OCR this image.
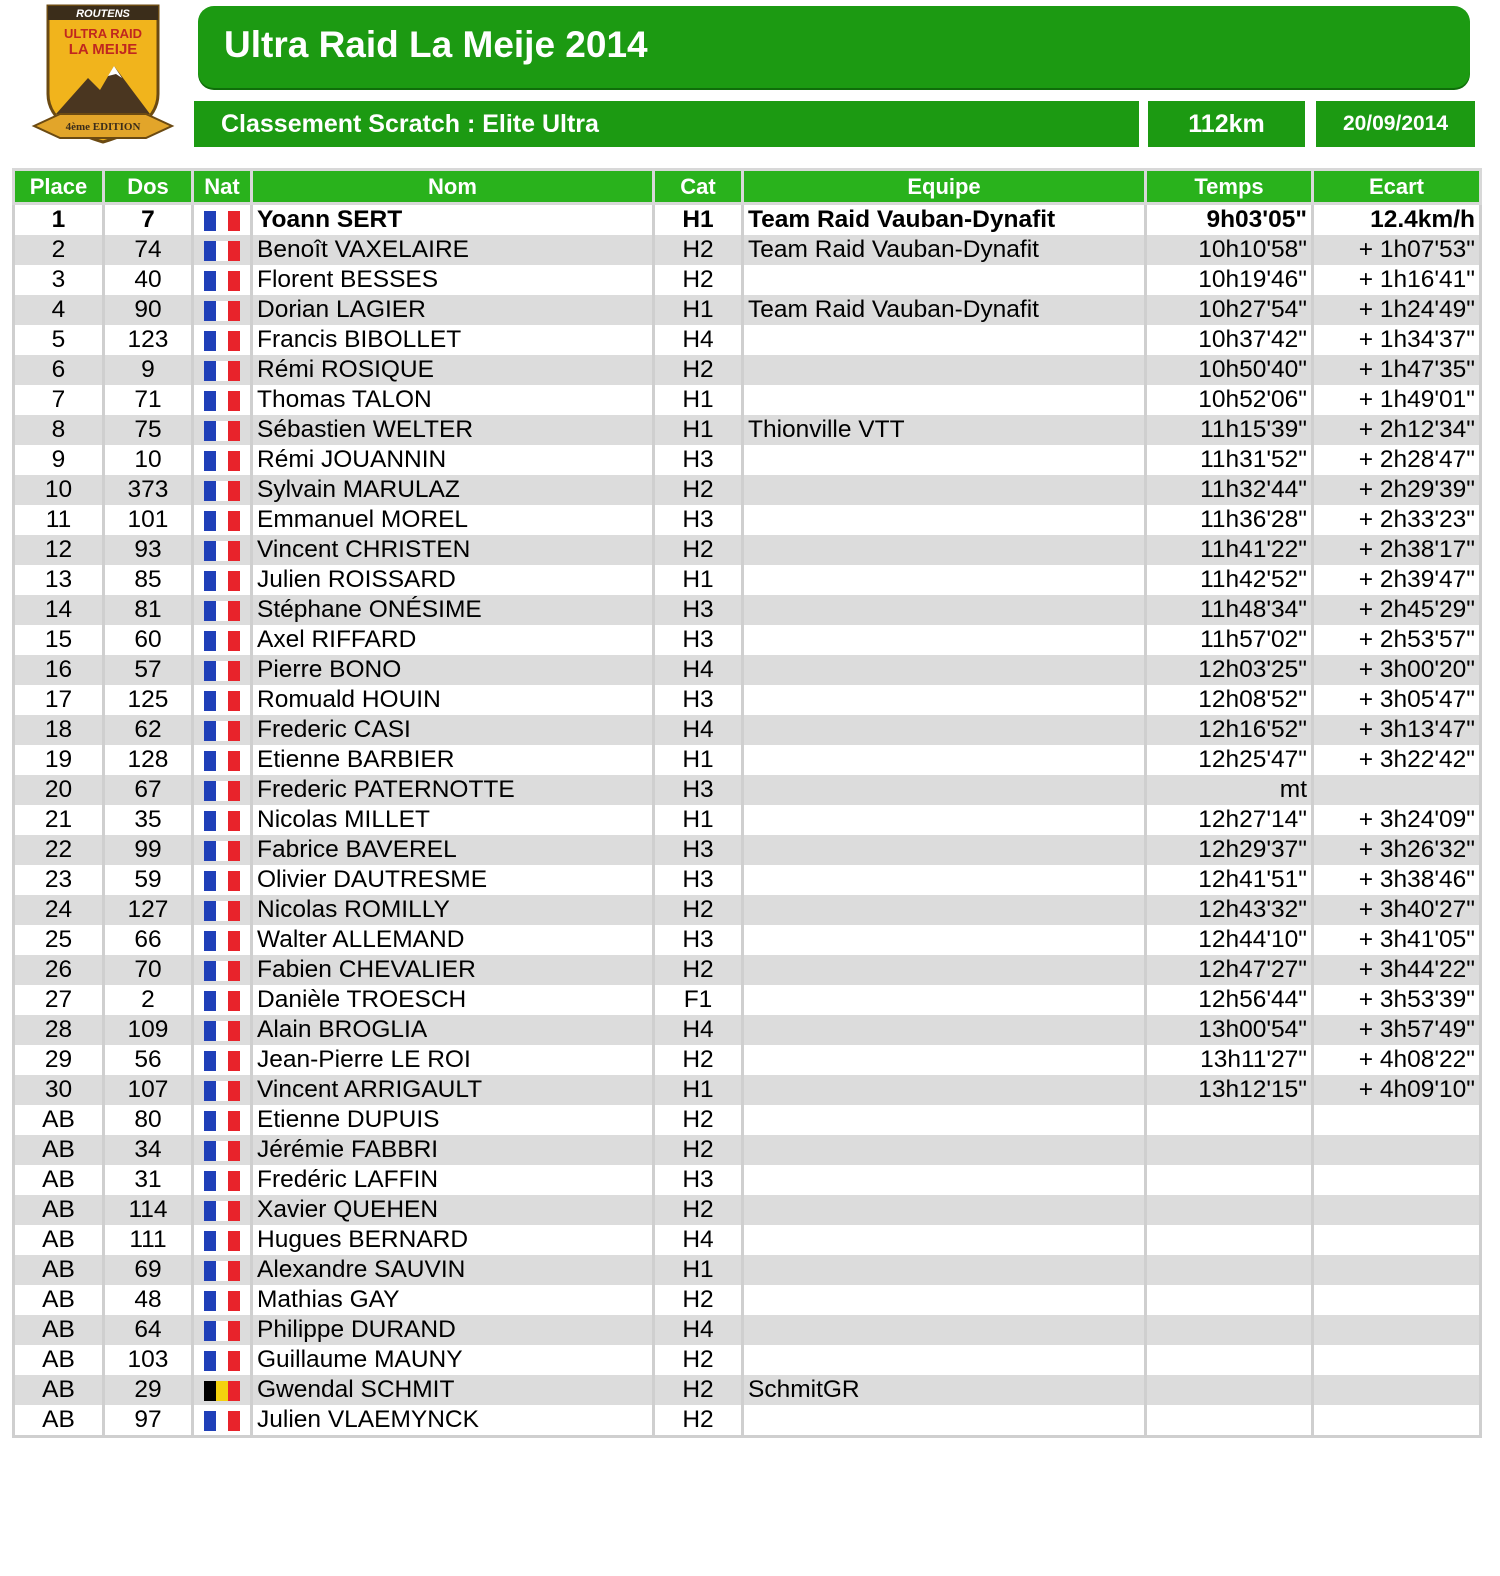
ROUTENS
ULTRA RAID
LA MEIJE
4ème EDITION
Ultra Raid La Meije 2014
Classement Scratch : Elite Ultra	112km	20/09/2014
Place	Dos	Nat	Nom	Cat	Equipe	Temps	Ecart
1	7		Yoann SERT	H1	Team Raid Vauban-Dynafit	9h03'05"	12.4km/h
2	74		Benoît VAXELAIRE	H2	Team Raid Vauban-Dynafit	10h10'58"	+ 1h07'53"
3	40		Florent BESSES	H2		10h19'46"	+ 1h16'41"
4	90		Dorian LAGIER	H1	Team Raid Vauban-Dynafit	10h27'54"	+ 1h24'49"
5	123		Francis BIBOLLET	H4		10h37'42"	+ 1h34'37"
6	9		Rémi ROSIQUE	H2		10h50'40"	+ 1h47'35"
7	71		Thomas TALON	H1		10h52'06"	+ 1h49'01"
8	75		Sébastien WELTER	H1	Thionville VTT	11h15'39"	+ 2h12'34"
9	10		Rémi JOUANNIN	H3		11h31'52"	+ 2h28'47"
10	373		Sylvain MARULAZ	H2		11h32'44"	+ 2h29'39"
11	101		Emmanuel MOREL	H3		11h36'28"	+ 2h33'23"
12	93		Vincent CHRISTEN	H2		11h41'22"	+ 2h38'17"
13	85		Julien ROISSARD	H1		11h42'52"	+ 2h39'47"
14	81		Stéphane ONÉSIME	H3		11h48'34"	+ 2h45'29"
15	60		Axel RIFFARD	H3		11h57'02"	+ 2h53'57"
16	57		Pierre BONO	H4		12h03'25"	+ 3h00'20"
17	125		Romuald HOUIN	H3		12h08'52"	+ 3h05'47"
18	62		Frederic CASI	H4		12h16'52"	+ 3h13'47"
19	128		Etienne BARBIER	H1		12h25'47"	+ 3h22'42"
20	67		Frederic PATERNOTTE	H3		mt	
21	35		Nicolas MILLET	H1		12h27'14"	+ 3h24'09"
22	99		Fabrice BAVEREL	H3		12h29'37"	+ 3h26'32"
23	59		Olivier DAUTRESME	H3		12h41'51"	+ 3h38'46"
24	127		Nicolas ROMILLY	H2		12h43'32"	+ 3h40'27"
25	66		Walter ALLEMAND	H3		12h44'10"	+ 3h41'05"
26	70		Fabien CHEVALIER	H2		12h47'27"	+ 3h44'22"
27	2		Danièle TROESCH	F1		12h56'44"	+ 3h53'39"
28	109		Alain BROGLIA	H4		13h00'54"	+ 3h57'49"
29	56		Jean-Pierre LE ROI	H2		13h11'27"	+ 4h08'22"
30	107		Vincent ARRIGAULT	H1		13h12'15"	+ 4h09'10"
AB	80		Etienne DUPUIS	H2			
AB	34		Jérémie FABBRI	H2			
AB	31		Fredéric LAFFIN	H3			
AB	114		Xavier QUEHEN	H2			
AB	111		Hugues BERNARD	H4			
AB	69		Alexandre SAUVIN	H1			
AB	48		Mathias GAY	H2			
AB	64		Philippe DURAND	H4			
AB	103		Guillaume MAUNY	H2			
AB	29		Gwendal SCHMIT	H2	SchmitGR		
AB	97		Julien VLAEMYNCK	H2			
